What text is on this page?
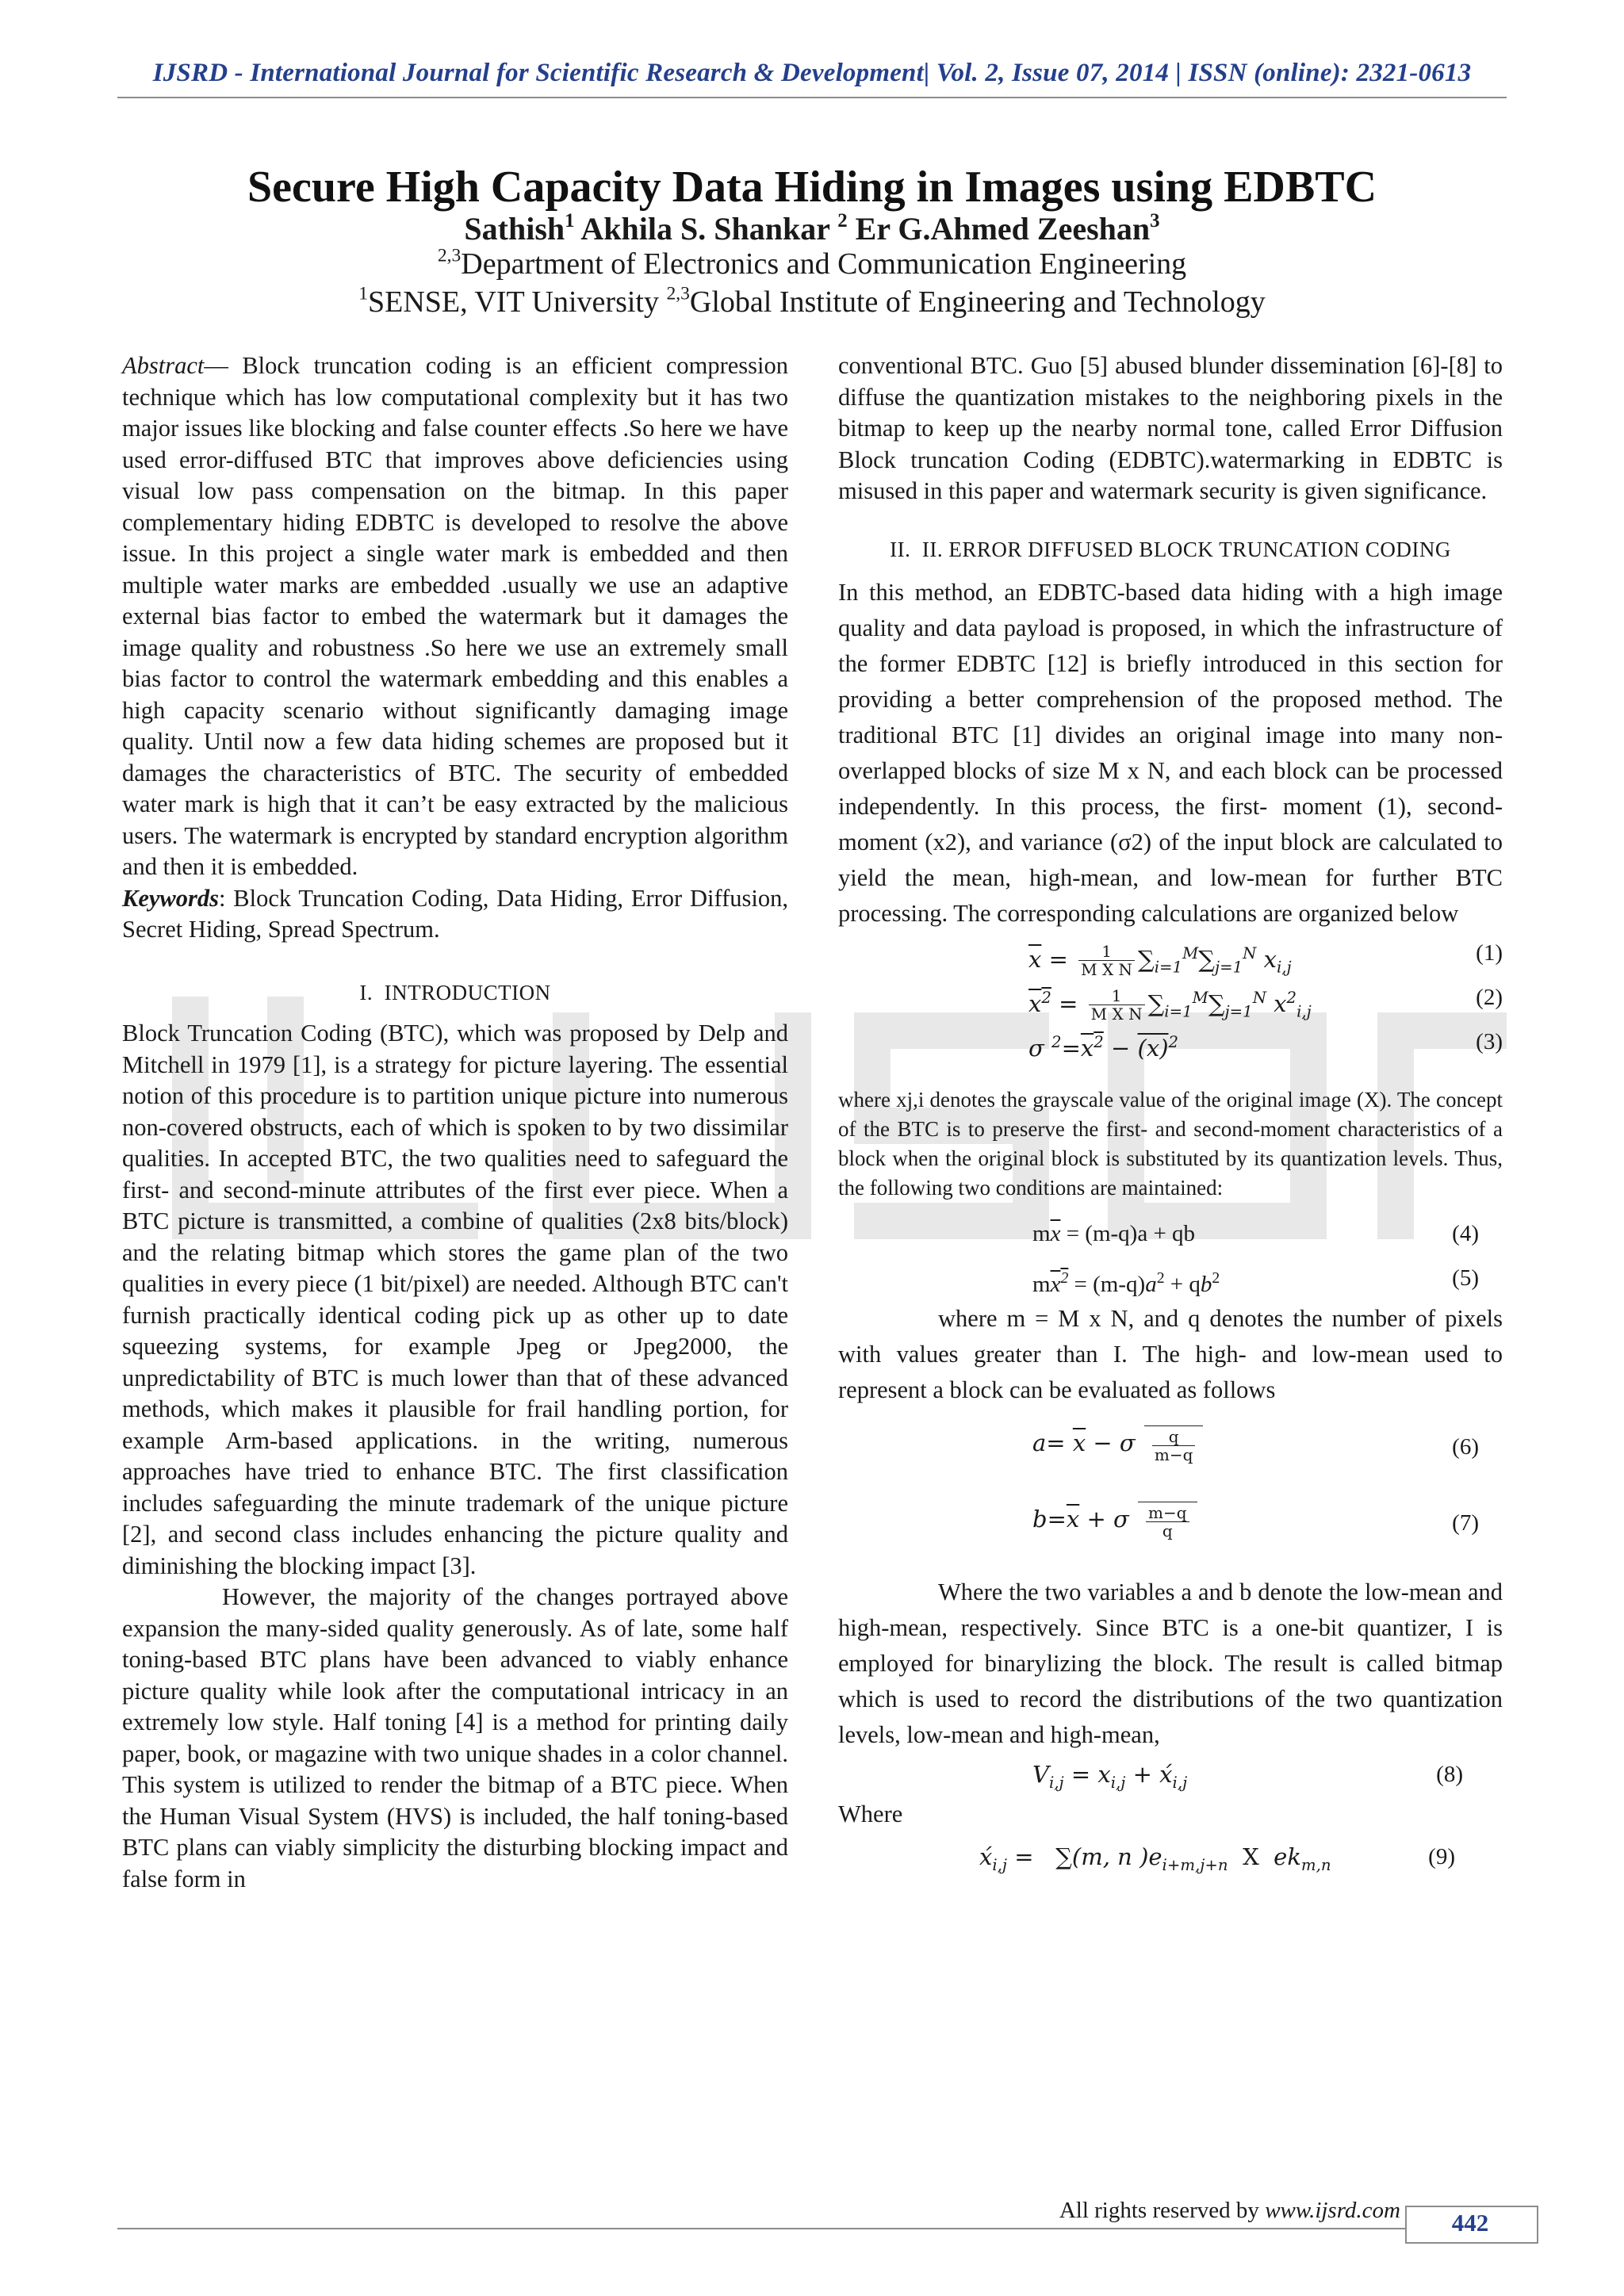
IJSRD - International Journal for Scientific Research & Development| Vol. 2, Issue 07, 2014 | ISSN (online): 2321-0613
Secure High Capacity Data Hiding in Images using EDBTC
Sathish$^1$ Akhila S. Shankar $^2$ Er G.Ahmed Zeeshan$^3$
$^{2,3}$Department of Electronics and Communication Engineering
$^1$SENSE, VIT University $^{2,3}$Global Institute of Engineering and Technology

Abstract— Block truncation coding is an efficient compression technique which has low computational complexity but it has two major issues like blocking and false counter effects .So here we have used error-diffused BTC that improves above deficiencies using visual low pass compensation on the bitmap. In this paper complementary hiding EDBTC is developed to resolve the above issue. In this project a single water mark is embedded and then multiple water marks are embedded .usually we use an adaptive external bias factor to embed the watermark but it damages the image quality and robustness .So here we use an extremely small bias factor to control the watermark embedding and this enables a high capacity scenario without significantly damaging image quality. Until now a few data hiding schemes are proposed but it damages the characteristics of BTC. The security of embedded water mark is high that it can’t be easy extracted by the malicious users. The watermark is encrypted by standard encryption algorithm and then it is embedded.

Keywords: Block Truncation Coding, Data Hiding, Error Diffusion, Secret Hiding, Spread Spectrum.

I. INTRODUCTION

Block Truncation Coding (BTC), which was proposed by Delp and Mitchell in 1979 [1], is a strategy for picture layering. The essential notion of this procedure is to partition unique picture into numerous non-covered obstructs, each of which is spoken to by two dissimilar qualities. In accepted BTC, the two qualities need to safeguard the first- and second-minute attributes of the first ever piece. When a BTC picture is transmitted, a combine of qualities (2x8 bits/block) and the relating bitmap which stores the game plan of the two qualities in every piece (1 bit/pixel) are needed. Although BTC can't furnish practically identical coding pick up as other up to date squeezing systems, for example Jpeg or Jpeg2000, the unpredictability of BTC is much lower than that of these advanced methods, which makes it plausible for frail handling portion, for example Arm-based applications. in the writing, numerous approaches have tried to enhance BTC. The first classification includes safeguarding the minute trademark of the unique picture [2], and second class includes enhancing the picture quality and diminishing the blocking impact [3].

However, the majority of the changes portrayed above expansion the many-sided quality generously. As of late, some half toning-based BTC plans have been advanced to viably enhance picture quality while look after the computational intricacy in an extremely low style. Half toning [4] is a method for printing daily paper, book, or magazine with two unique shades in a color channel. This system is utilized to render the bitmap of a BTC piece. When the Human Visual System (HVS) is included, the half toning-based BTC plans can viably simplicity the disturbing blocking impact and false form in

conventional BTC. Guo [5] abused blunder dissemination [6]-[8] to diffuse the quantization mistakes to the neighboring pixels in the bitmap to keep up the nearby normal tone, called Error Diffusion Block truncation Coding (EDBTC).watermarking in EDBTC is misused in this paper and watermark security is given significance.

II. II. ERROR DIFFUSED BLOCK TRUNCATION CODING

In this method, an EDBTC-based data hiding with a high image quality and data payload is proposed, in which the infrastructure of the former EDBTC [12] is briefly introduced in this section for providing a better comprehension of the proposed method. The traditional BTC [1] divides an original image into many non-overlapped blocks of size M x N, and each block can be processed independently. In this process, the first- moment (1), second-moment (x2), and variance (σ2) of the input block are calculated to yield the mean, high-mean, and low-mean for further BTC processing. The corresponding calculations are organized below

$\overline{x} = \frac{1}{\text{M X N}} \sum_{i=1}^M\sum_{j=1}^N$ $x_{i,j}$
(1)
$x^2 = \frac{1}{\text{M X N}} \sum_{i=1}^M\sum_{j=1}^N$ $x^2_{i,j}$
(2)
σ $^2=x^2 - (x)^2$	(3)

where xj,i denotes the grayscale value of the original image (X). The concept of the BTC is to preserve the first- and second-moment characteristics of a block when the original block is substituted by its quantization levels. Thus, the following two conditions are maintained:

$m\overline{x} = (m-q)a$ + qb	(4)
$mx^2 = (m-q)a^2 + qb^2$	(5)

where m = M x N, and q denotes the number of pixels with values greater than I. The high- and low-mean used to represent a block can be evaluated as follows

$a= \overline{x} - \sigma \frac{q}{m-q}$	(6)
$b=\overline{x} + \sigma \frac{m-q}{q}$	(7)

Where the two variables a and b denote the low-mean and high-mean, respectively. Since BTC is a one-bit quantizer, I is employed for binarylizing the block. The result is called bitmap which is used to record the distributions of the two quantization levels, low-mean and high-mean,

$V_{i,j} = x_{i,j}$ + $x́_{i,j}$	(8)

Where

$x́_{i,j} = \sum(m$, n )$e_{i+m,j+n}$ X  $ek_{m,n}$	(9)
All rights reserved by www.ijsrd.com	442
